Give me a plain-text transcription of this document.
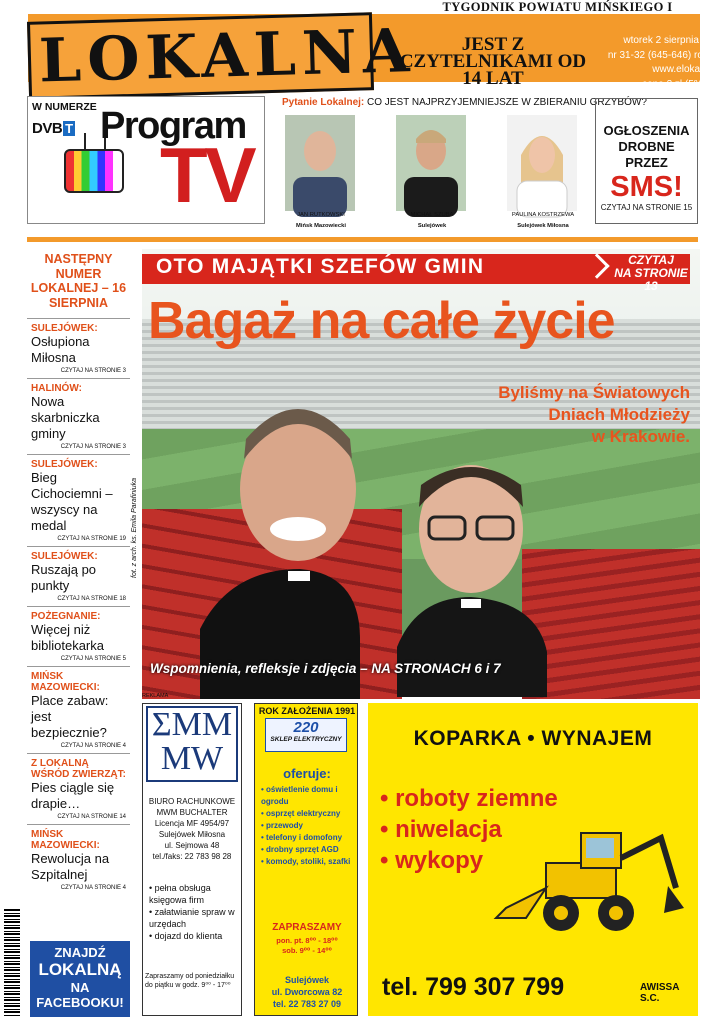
TYGODNIK POWIATU MIŃSKIEGO I
LOKALNA	JEST Z CZYTELNIKAMI OD 14 LAT
wtorek 2 sierpnia 2016
nr 31-32 (645-646) rok XV
www.elokalna.pl
cena 2 zł (5%VAT)
W NUMERZE
DVB T Program
TV
Pytanie Lokalnej: CO JEST NAJPRZYJEMNIEJSZE W ZBIERANIU GRZYBÓW?
JAN RUTKOWSKI
Mińsk Mazowiecki
MICHAŁ SZUBA
Sulejówek
PAULINA KOSTRZEWA
Sulejówek Miłosna
OGŁOSZENIA
DROBNE
PRZEZ
SMS!
CZYTAJ NA STRONIE 15
NASTĘPNY NUMER LOKALNEJ – 16 SIERPNIA
SULEJÓWEK:
Osłupiona Miłosna
CZYTAJ NA STRONIE 3
HALINÓW:
Nowa skarbniczka gminy
CZYTAJ NA STRONIE 3
SULEJÓWEK:
Bieg Cichociemni – wszyscy na medal
CZYTAJ NA STRONIE 19
SULEJÓWEK:
Ruszają po punkty
CZYTAJ NA STRONIE 18
POŻEGNANIE:
Więcej niż bibliotekarka
CZYTAJ NA STRONIE 5
MIŃSK MAZOWIECKI:
Place zabaw: jest bezpiecznie?
CZYTAJ NA STRONIE 4
Z LOKALNĄ WŚRÓD ZWIERZĄT:
Pies ciągle się drapie…
CZYTAJ NA STRONIE 14
MIŃSK MAZOWIECKI:
Rewolucja na Szpitalnej
CZYTAJ NA STRONIE 4
ZNAJDŹ
LOKALNĄ
NA
FACEBOOKU!
OTO MAJĄTKI SZEFÓW GMIN	CZYTAJ
NA STRONIE 13
Bagaż na całe życie
Byliśmy na Światowych
Dniach Młodzieży
w Krakowie.
Wspomnienia, refleksje i zdjęcia – NA STRONACH 6 i 7
fot. z arch. ks. Emila Parafiniuka
REKLAMA
ΣMM
MW
BIURO RACHUNKOWE
MWM BUCHALTER
Licencja MF 4954/97
Sulejówek Miłosna
ul. Sejmowa 48
tel./faks: 22 783 98 28
• pełna obsługa księgowa firm
• załatwianie spraw w urzędach
• dojazd do klienta
Zapraszamy od poniedziałku do piątku w godz. 9⁰⁰ - 17⁰⁰
ROK ZAŁOŻENIA 1991
220
SKLEP ELEKTRYCZNY
oferuje:
• oświetlenie domu i ogrodu
• osprzęt elektryczny
• przewody
• telefony i domofony
• drobny sprzęt AGD
• komody, stoliki, szafki
ZAPRASZAMY
pon. pt. 8⁰⁰ - 18⁰⁰
sob. 9⁰⁰ - 14⁰⁰
Sulejówek
ul. Dworcowa 82
tel. 22 783 27 09
KOPARKA • WYNAJEM
• roboty ziemne
• niwelacja
• wykopy
tel. 799 307 799	AWISSA S.C.
